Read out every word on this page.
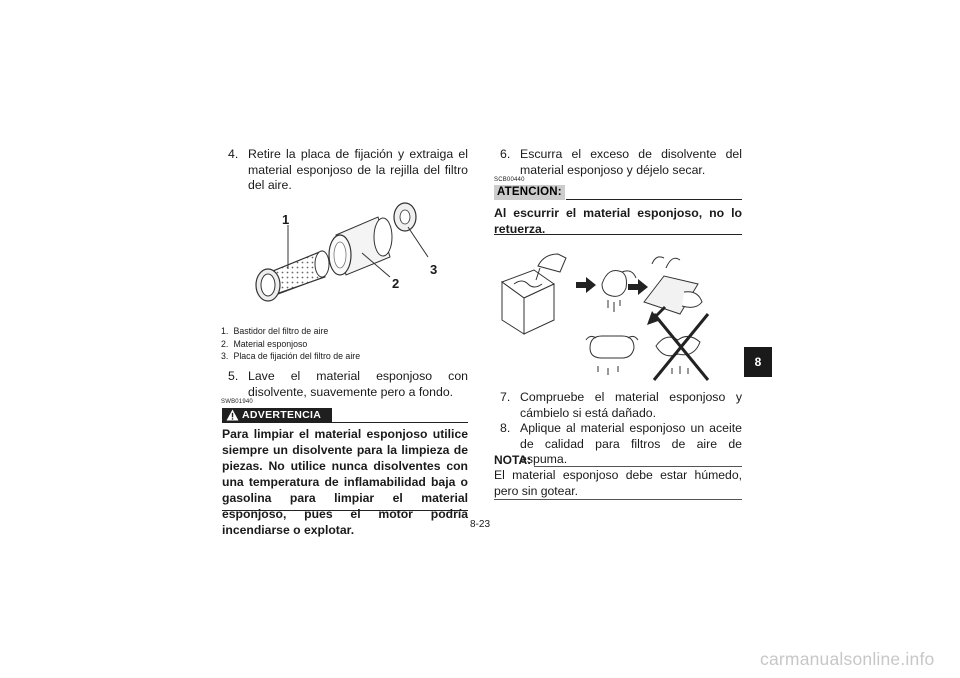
4. Retire la placa de fijación y extraiga el material esponjoso de la rejilla del filtro del aire.
1
2
3
1. Bastidor del filtro de aire
2. Material esponjoso
3. Placa de fijación del filtro de aire
5. Lave el material esponjoso con disolvente, suavemente pero a fondo.
SWB01940
ADVERTENCIA
Para limpiar el material esponjoso utilice siempre un disolvente para la limpieza de piezas. No utilice nunca disolventes con una temperatura de inflamabilidad baja o gasolina para limpiar el material esponjoso, pues el motor podría incendiarse o explotar.
6. Escurra el exceso de disolvente del material esponjoso y déjelo secar.
SCB00440
ATENCION:
Al escurrir el material esponjoso, no lo retuerza.
7. Compruebe el material esponjoso y cámbielo si está dañado.
8. Aplique al material esponjoso un aceite de calidad para filtros de aire de espuma.
NOTA:
El material esponjoso debe estar húmedo, pero sin gotear.
8
8-23
carmanualsonline.info
